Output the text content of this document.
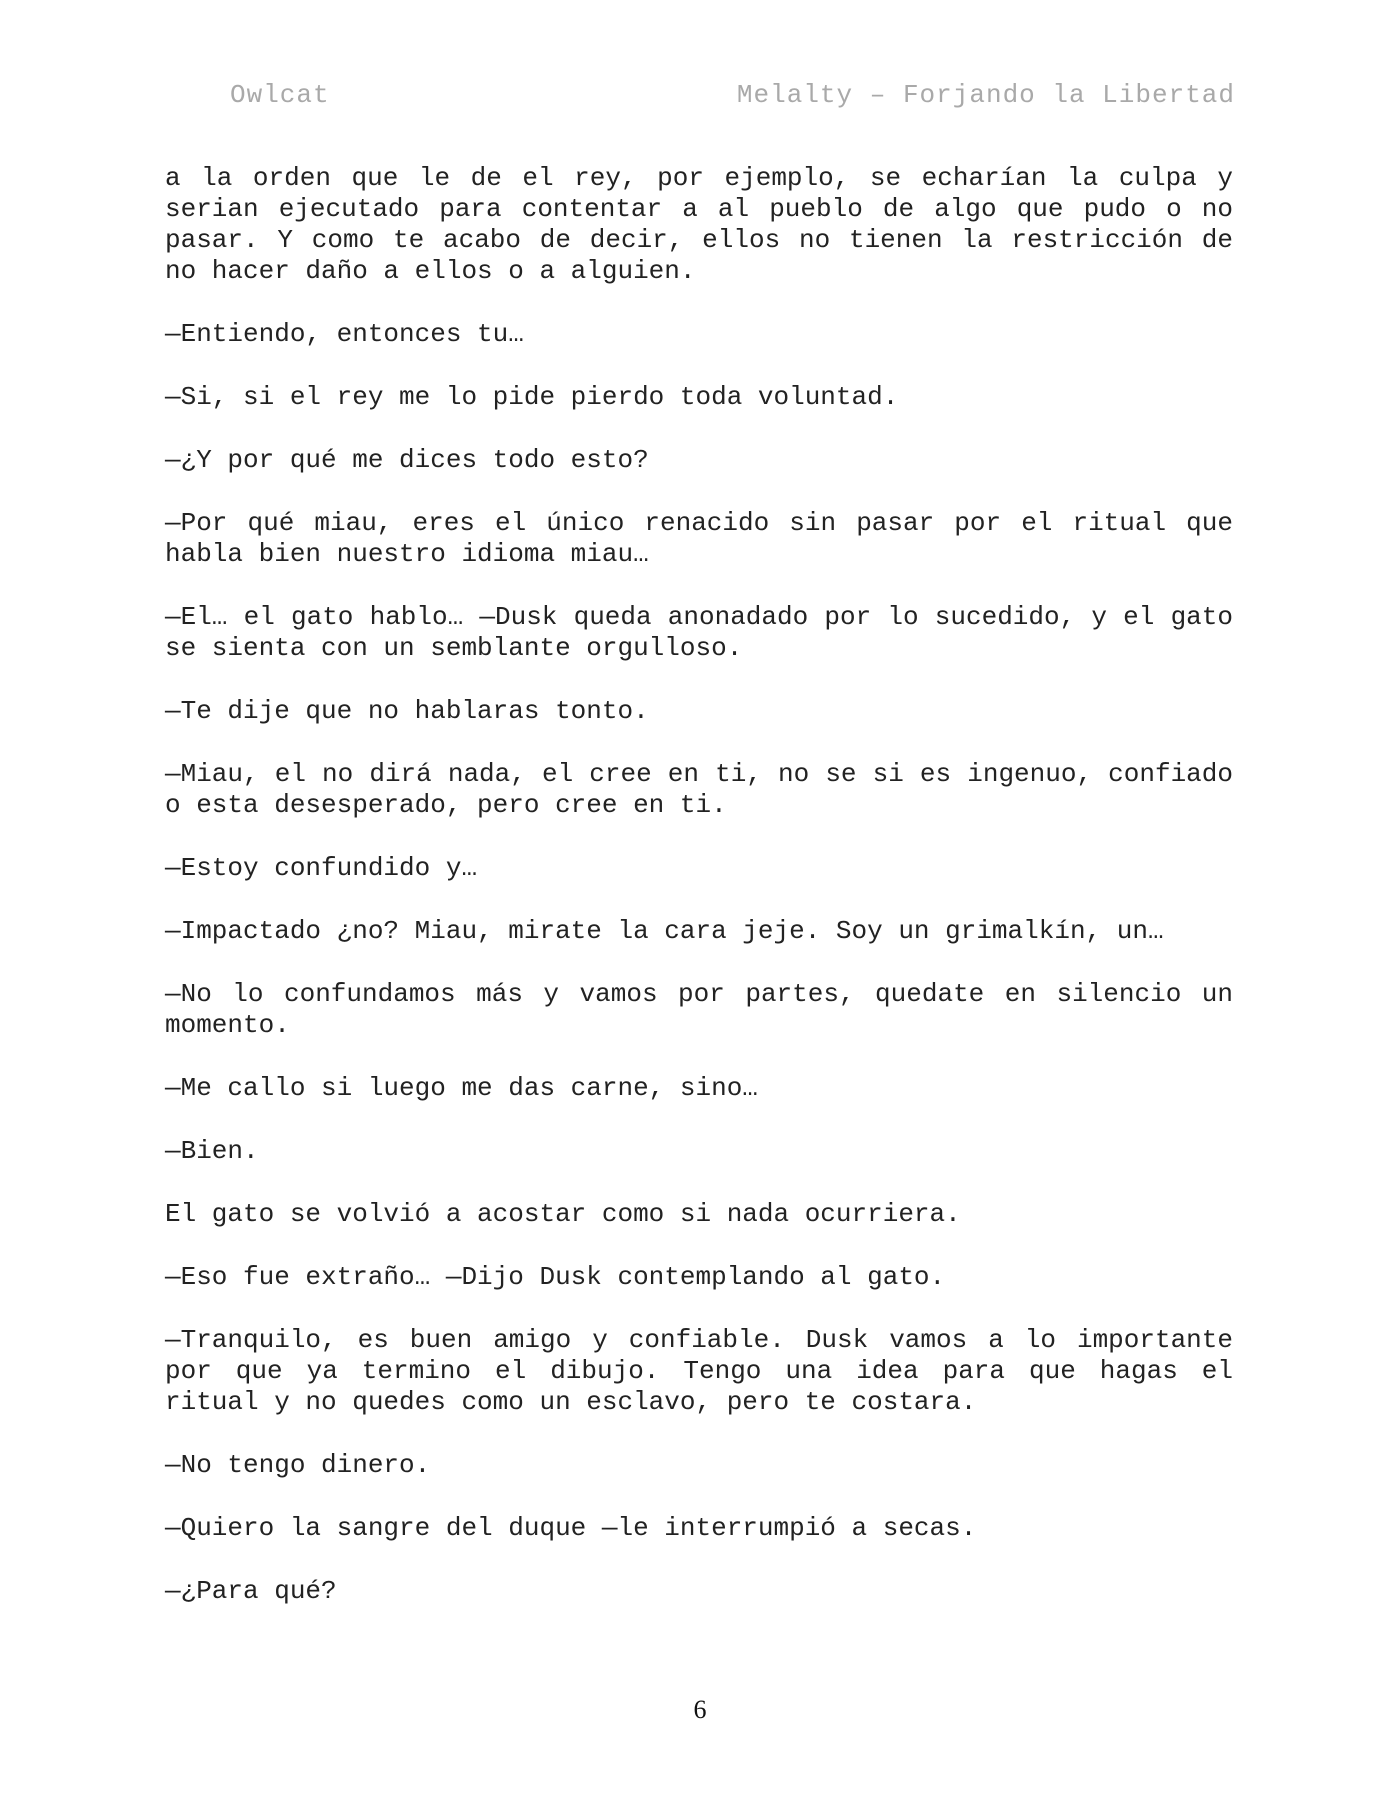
Owlcat	Melalty – Forjando la Libertad

a la orden que le de el rey, por ejemplo, se echarían la culpa y serian ejecutado para contentar a al pueblo de algo que pudo o no pasar. Y como te acabo de decir, ellos no tienen la restricción de no hacer daño a ellos o a alguien.

—Entiendo, entonces tu…

—Si, si el rey me lo pide pierdo toda voluntad.

—¿Y por qué me dices todo esto?

—Por qué miau, eres el único renacido sin pasar por el ritual que habla bien nuestro idioma miau…

—El… el gato hablo… —Dusk queda anonadado por lo sucedido, y el gato se sienta con un semblante orgulloso.

—Te dije que no hablaras tonto.

—Miau, el no dirá nada, el cree en ti, no se si es ingenuo, confiado o esta desesperado, pero cree en ti.

—Estoy confundido y…

—Impactado ¿no? Miau, mirate la cara jeje. Soy un grimalkín, un…

—No lo confundamos más y vamos por partes, quedate en silencio un momento.

—Me callo si luego me das carne, sino…

—Bien.

El gato se volvió a acostar como si nada ocurriera.

—Eso fue extraño… —Dijo Dusk contemplando al gato.

—Tranquilo, es buen amigo y confiable. Dusk vamos a lo importante por que ya termino el dibujo. Tengo una idea para que hagas el ritual y no quedes como un esclavo, pero te costara.

—No tengo dinero.

—Quiero la sangre del duque —le interrumpió a secas.

—¿Para qué?

6
